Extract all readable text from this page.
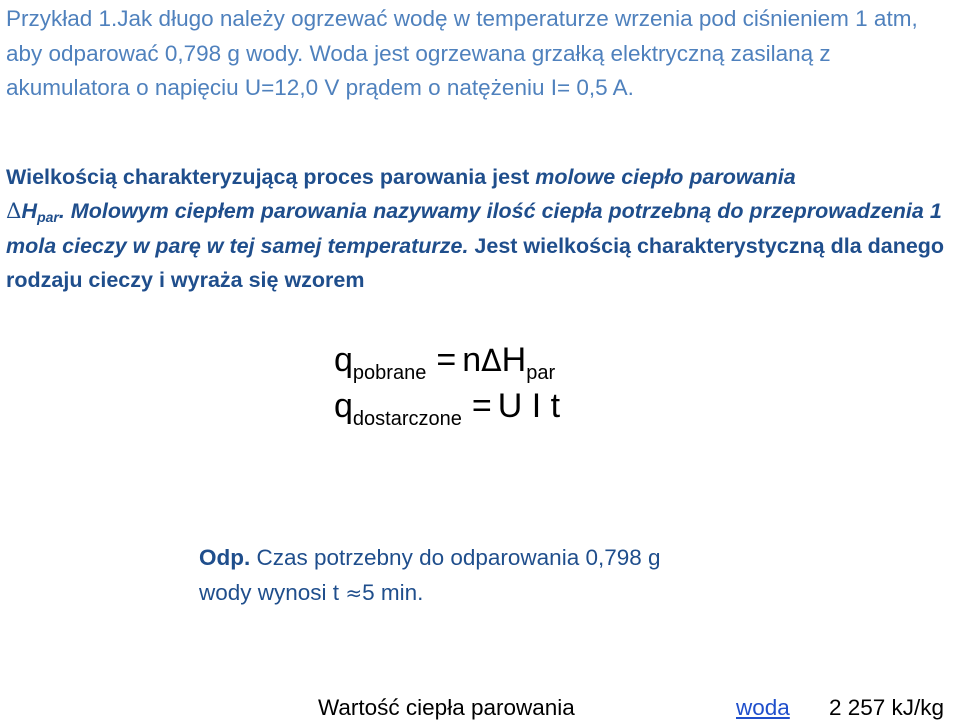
Przykład 1.Jak długo należy ogrzewać wodę w temperaturze wrzenia pod ciśnieniem 1 atm, aby odparować 0,798 g wody. Woda jest ogrzewana grzałką elektryczną zasilaną z akumulatora o napięciu U=12,0 V prądem o natężeniu I= 0,5 A.

Wielkością charakteryzującą proces parowania jest molowe ciepło parowania
$\Delta H_{par}$. Molowym ciepłem parowania nazywamy ilość ciepła potrzebną do przeprowadzenia 1 mola cieczy w parę w tej samej temperaturze. Jest wielkością charakterystyczną dla danego rodzaju cieczy i wyraża się wzorem

$q_{pobrane} = n\Delta H_{par}$
$q_{dostarczone} = U$ I t

Odp. Czas potrzebny do odparowania 0,798 g
wody wynosi t ≈5 min.

Wartość ciepła parowania	woda 2 257 kJ/kg
